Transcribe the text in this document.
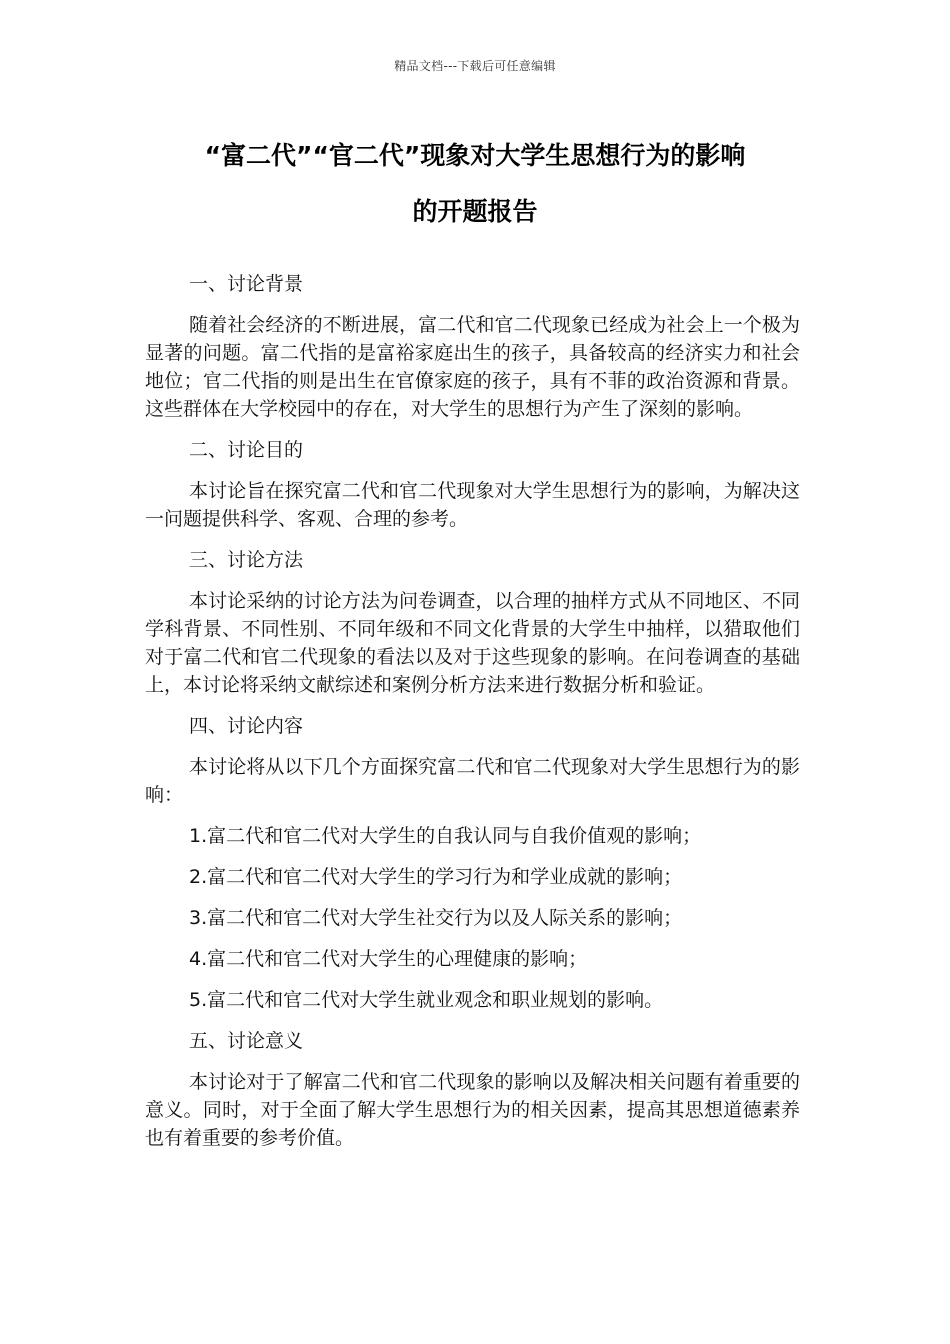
精品文档---下载后可任意编辑
“富二代”“官二代”现象对大学生思想行为的影响
的开题报告
一、讨论背景
随着社会经济的不断进展，富二代和官二代现象已经成为社会上一个极为显著的问题。富二代指的是富裕家庭出生的孩子，具备较高的经济实力和社会地位；官二代指的则是出生在官僚家庭的孩子，具有不菲的政治资源和背景。这些群体在大学校园中的存在，对大学生的思想行为产生了深刻的影响。
二、讨论目的
本讨论旨在探究富二代和官二代现象对大学生思想行为的影响，为解决这一问题提供科学、客观、合理的参考。
三、讨论方法
本讨论采纳的讨论方法为问卷调查，以合理的抽样方式从不同地区、不同学科背景、不同性别、不同年级和不同文化背景的大学生中抽样，以猎取他们对于富二代和官二代现象的看法以及对于这些现象的影响。在问卷调查的基础上，本讨论将采纳文献综述和案例分析方法来进行数据分析和验证。
四、讨论内容
本讨论将从以下几个方面探究富二代和官二代现象对大学生思想行为的影响：
1.富二代和官二代对大学生的自我认同与自我价值观的影响；
2.富二代和官二代对大学生的学习行为和学业成就的影响；
3.富二代和官二代对大学生社交行为以及人际关系的影响；
4.富二代和官二代对大学生的心理健康的影响；
5.富二代和官二代对大学生就业观念和职业规划的影响。
五、讨论意义
本讨论对于了解富二代和官二代现象的影响以及解决相关问题有着重要的意义。同时，对于全面了解大学生思想行为的相关因素，提高其思想道德素养也有着重要的参考价值。
